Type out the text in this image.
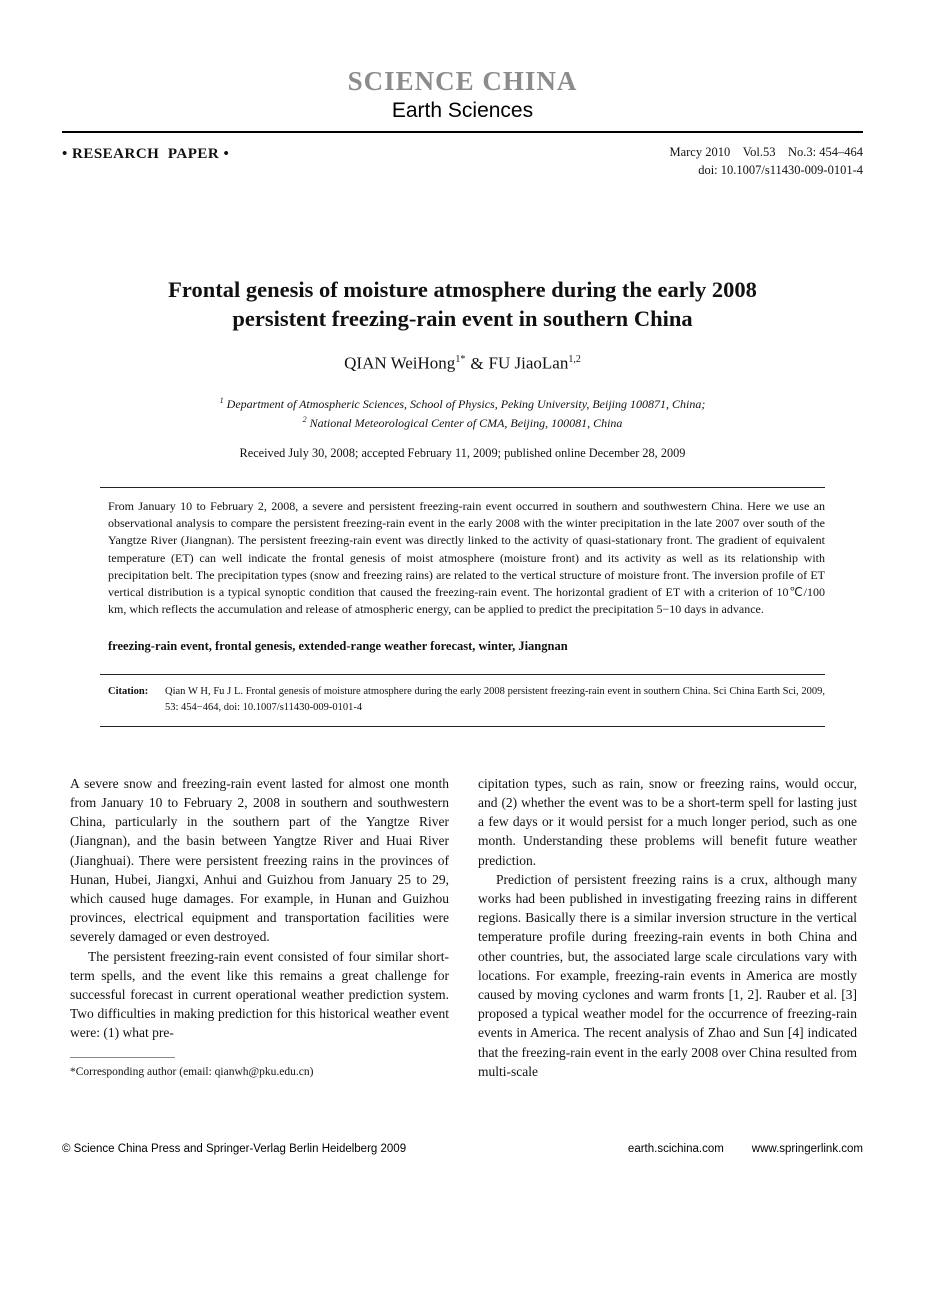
SCIENCE CHINA
Earth Sciences
• RESEARCH  PAPER •	Marcy 2010    Vol.53    No.3: 454–464
doi: 10.1007/s11430-009-0101-4
Frontal genesis of moisture atmosphere during the early 2008
persistent freezing-rain event in southern China
QIAN WeiHong$^{1*}$ & FU JiaoLan$^{1,2}$
$^1$ Department of Atmospheric Sciences, School of Physics, Peking University, Beijing 100871, China;
$^2$ National Meteorological Center of CMA, Beijing, 100081, China
Received July 30, 2008; accepted February 11, 2009; published online December 28, 2009

From January 10 to February 2, 2008, a severe and persistent freezing-rain event occurred in southern and southwestern China. Here we use an observational analysis to compare the persistent freezing-rain event in the early 2008 with the winter precipitation in the late 2007 over south of the Yangtze River (Jiangnan). The persistent freezing-rain event was directly linked to the activity of quasi-stationary front. The gradient of equivalent temperature (ET) can well indicate the frontal genesis of moist atmosphere (moisture front) and its activity as well as its relationship with precipitation belt. The precipitation types (snow and freezing rains) are related to the vertical structure of moisture front. The inversion profile of ET vertical distribution is a typical synoptic condition that caused the freezing-rain event. The horizontal gradient of ET with a criterion of 10℃/100 km, which reflects the accumulation and release of atmospheric energy, can be applied to predict the precipitation 5−10 days in advance.

freezing-rain event, frontal genesis, extended-range weather forecast, winter, Jiangnan

Citation:	Qian W H, Fu J L. Frontal genesis of moisture atmosphere during the early 2008 persistent freezing-rain event in southern China. Sci China Earth Sci, 2009, 53: 454−464, doi: 10.1007/s11430-009-0101-4

A severe snow and freezing-rain event lasted for almost one month from January 10 to February 2, 2008 in southern and southwestern China, particularly in the southern part of the Yangtze River (Jiangnan), and the basin between Yangtze River and Huai River (Jianghuai). There were persistent freezing rains in the provinces of Hunan, Hubei, Jiangxi, Anhui and Guizhou from January 25 to 29, which caused huge damages. For example, in Hunan and Guizhou provinces, electrical equipment and transportation facilities were severely damaged or even destroyed.

The persistent freezing-rain event consisted of four similar short-term spells, and the event like this remains a great challenge for successful forecast in current operational weather prediction system. Two difficulties in making prediction for this historical weather event were: (1) what pre-

*Corresponding author (email: qianwh@pku.edu.cn)

cipitation types, such as rain, snow or freezing rains, would occur, and (2) whether the event was to be a short-term spell for lasting just a few days or it would persist for a much longer period, such as one month. Understanding these problems will benefit future weather prediction.

Prediction of persistent freezing rains is a crux, although many works had been published in investigating freezing rains in different regions. Basically there is a similar inversion structure in the vertical temperature profile during freezing-rain events in both China and other countries, but, the associated large scale circulations vary with locations. For example, freezing-rain events in America are mostly caused by moving cyclones and warm fronts [1, 2]. Rauber et al. [3] proposed a typical weather model for the occurrence of freezing-rain events in America. The recent analysis of Zhao and Sun [4] indicated that the freezing-rain event in the early 2008 over China resulted from multi-scale

© Science China Press and Springer-Verlag Berlin Heidelberg 2009	earth.scichina.com www.springerlink.com
